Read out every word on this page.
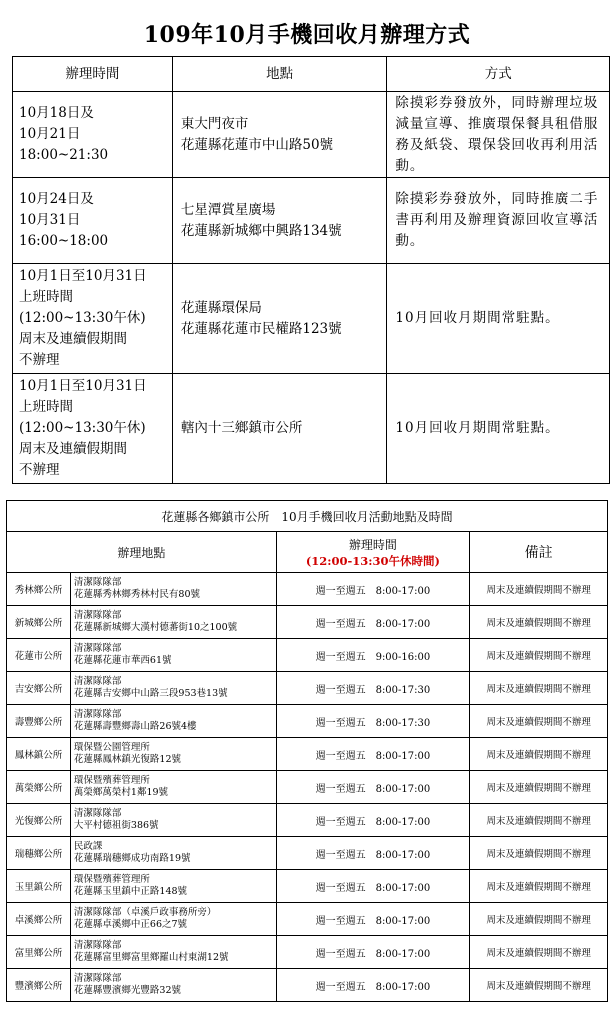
109年10月手機回收月辦理方式
辦理時間	地點	方式

10月18日及
10月21日
18:00~21:30	東大門夜市
花蓮縣花蓮市中山路50號	除摸彩券發放外，同時辦理垃圾減量宣導、推廣環保餐具租借服務及紙袋、環保袋回收再利用活動。

10月24日及
10月31日
16:00~18:00	七星潭賞星廣場
花蓮縣新城鄉中興路134號	除摸彩券發放外，同時推廣二手書再利用及辦理資源回收宣導活動。

10月1日至10月31日
上班時間
(12:00~13:30午休)
周末及連續假期間
不辦理	花蓮縣環保局
花蓮縣花蓮市民權路123號	10月回收月期間常駐點。

10月1日至10月31日
上班時間
(12:00~13:30午休)
周末及連續假期間
不辦理	轄內十三鄉鎮市公所	10月回收月期間常駐點。
花蓮縣各鄉鎮市公所　10月手機回收月活動地點及時間			
辦理地點		辦理時間
(12:00-13:30午休時間)	備註
秀林鄉公所	清潔隊隊部
花蓮縣秀林鄉秀林村民有80號	週一至週五　8:00-17:00	周末及連續假期間不辦理
新城鄉公所	清潔隊隊部
花蓮縣新城鄉大漢村德蕃街10之100號	週一至週五　8:00-17:00	周末及連續假期間不辦理
花蓮市公所	清潔隊隊部
花蓮縣花蓮市華西61號	週一至週五　9:00-16:00	周末及連續假期間不辦理
吉安鄉公所	清潔隊隊部
花蓮縣吉安鄉中山路三段953巷13號	週一至週五　8:00-17:30	周末及連續假期間不辦理
壽豐鄉公所	清潔隊隊部
花蓮縣壽豐鄉壽山路26號4樓	週一至週五　8:00-17:30	周末及連續假期間不辦理
鳳林鎮公所	環保暨公園管理所
花蓮縣鳳林鎮光復路12號	週一至週五　8:00-17:00	周末及連續假期間不辦理
萬榮鄉公所	環保暨殯葬管理所
萬榮鄉萬榮村1鄰19號	週一至週五　8:00-17:00	周末及連續假期間不辦理
光復鄉公所	清潔隊隊部
大平村德祖街386號	週一至週五　8:00-17:00	周末及連續假期間不辦理
瑞穗鄉公所	民政課
花蓮縣瑞穗鄉成功南路19號	週一至週五　8:00-17:00	周末及連續假期間不辦理
玉里鎮公所	環保暨殯葬管理所
花蓮縣玉里鎮中正路148號	週一至週五　8:00-17:00	周末及連續假期間不辦理
卓溪鄉公所	清潔隊隊部（卓溪戶政事務所旁）
花蓮縣卓溪鄉中正66之7號	週一至週五　8:00-17:00	周末及連續假期間不辦理
富里鄉公所	清潔隊隊部
花蓮縣富里鄉富里鄉羅山村東湖12號	週一至週五　8:00-17:00	周末及連續假期間不辦理
豐濱鄉公所	清潔隊隊部
花蓮縣豐濱鄉光豐路32號	週一至週五　8:00-17:00	周末及連續假期間不辦理
